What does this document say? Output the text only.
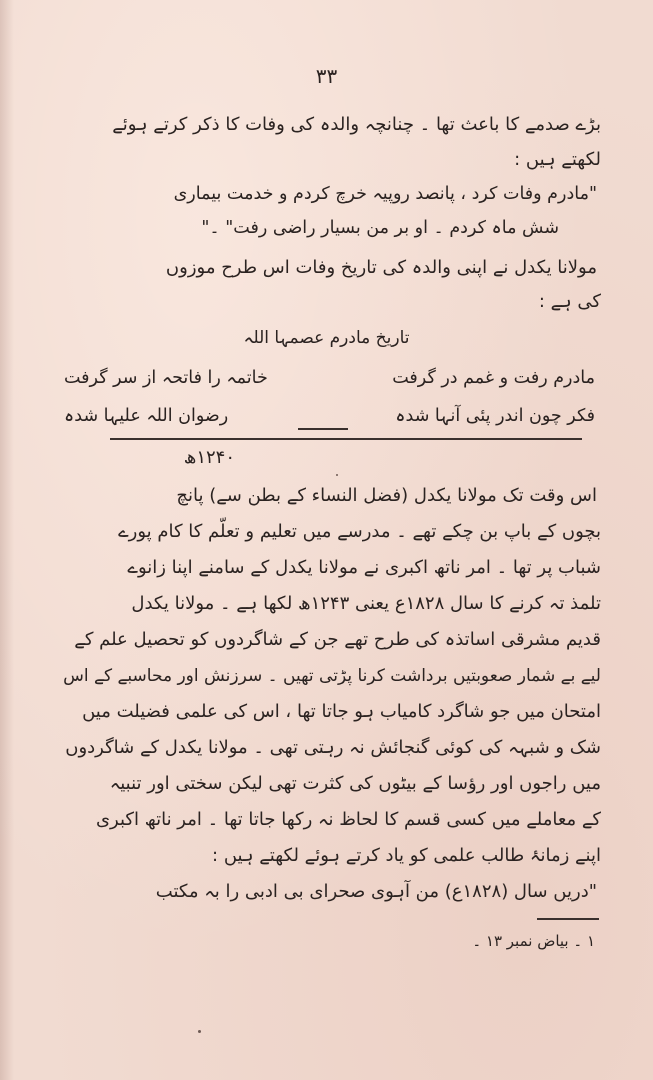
۳۳
بڑے صدمے کا باعث تھا ۔ چنانچہ والدہ کی وفات کا ذکر کرتے ہوئے
لکھتے ہیں :
"مادرم وفات کرد ، پانصد روپیہ خرچ کردم و خدمت بیماری
شش ماہ کردم ۔ او بر من بسیار راضی رفت" ۔"
مولانا یکدل نے اپنی والدہ کی تاریخ وفات اس طرح موزوں
کی ہے :
تاریخ مادرم عصمہا اللہ
مادرم رفت و غمم در گرفت
خاتمہ را فاتحہ از سر گرفت
فکر چون اندر پئی آنہا شدہ
رضوان اللہ علیہا شدہ
۱۲۴۰ھ
اس وقت تک مولانا یکدل (فضل النساء کے بطن سے) پانچ
بچوں کے باپ بن چکے تھے ۔ مدرسے میں تعلیم و تعلّم کا کام پورے
شباب پر تھا ۔ امر ناتھ اکبری نے مولانا یکدل کے سامنے اپنا زانوے
تلمذ تہ کرنے کا سال ۱۸۲۸ع یعنی ۱۲۴۳ھ لکھا ہے ۔ مولانا یکدل
قدیم مشرقی اساتذہ کی طرح تھے جن کے شاگردوں کو تحصیل علم کے
لیے بے شمار صعوبتیں برداشت کرنا پڑتی تھیں ۔ سرزنش اور محاسبے کے اس
امتحان میں جو شاگرد کامیاب ہو جاتا تھا ، اس کی علمی فضیلت میں
شک و شبہہ کی کوئی گنجائش نہ رہتی تھی ۔ مولانا یکدل کے شاگردوں
میں راجوں اور رؤسا کے بیٹوں کی کثرت تھی لیکن سختی اور تنبیہ
کے معاملے میں کسی قسم کا لحاظ نہ رکھا جاتا تھا ۔ امر ناتھ اکبری
اپنے زمانۂ طالب علمی کو یاد کرتے ہوئے لکھتے ہیں :
"دریں سال (۱۸۲۸ع) من آہوی صحرای بی ادبی را بہ مکتب
۱ ۔ بیاض نمبر ۱۳ ۔
